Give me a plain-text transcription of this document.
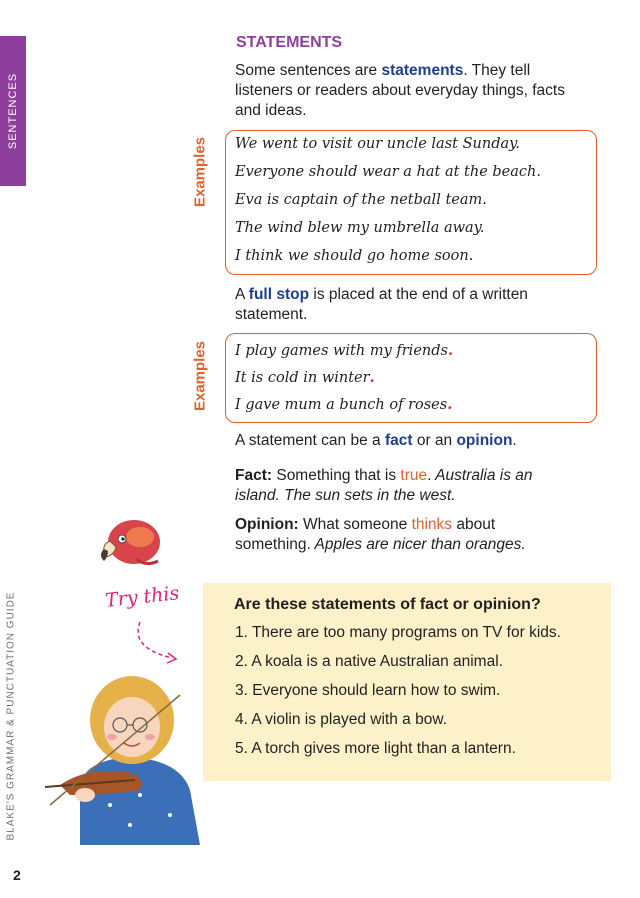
SENTENCES
BLAKE'S GRAMMAR & PUNCTUATION GUIDE
2
STATEMENTS
Some sentences are statements. They tell
listeners or readers about everyday things, facts
and ideas.
Examples We went to visit our uncle last Sunday.
Everyone should wear a hat at the beach.
Eva is captain of the netball team.
The wind blew my umbrella away.
I think we should go home soon.
A full stop is placed at the end of a written
statement.
Examples I play games with my friends.
It is cold in winter.
I gave mum a bunch of roses.
A statement can be a fact or an opinion.
Fact: Something that is true. Australia is an
island. The sun sets in the west.
Opinion: What someone thinks about
something. Apples are nicer than oranges.
Try this	Are these statements of fact or opinion?
1. There are too many programs on TV for kids.
2. A koala is a native Australian animal.
3. Everyone should learn how to swim.
4. A violin is played with a bow.
5. A torch gives more light than a lantern.
